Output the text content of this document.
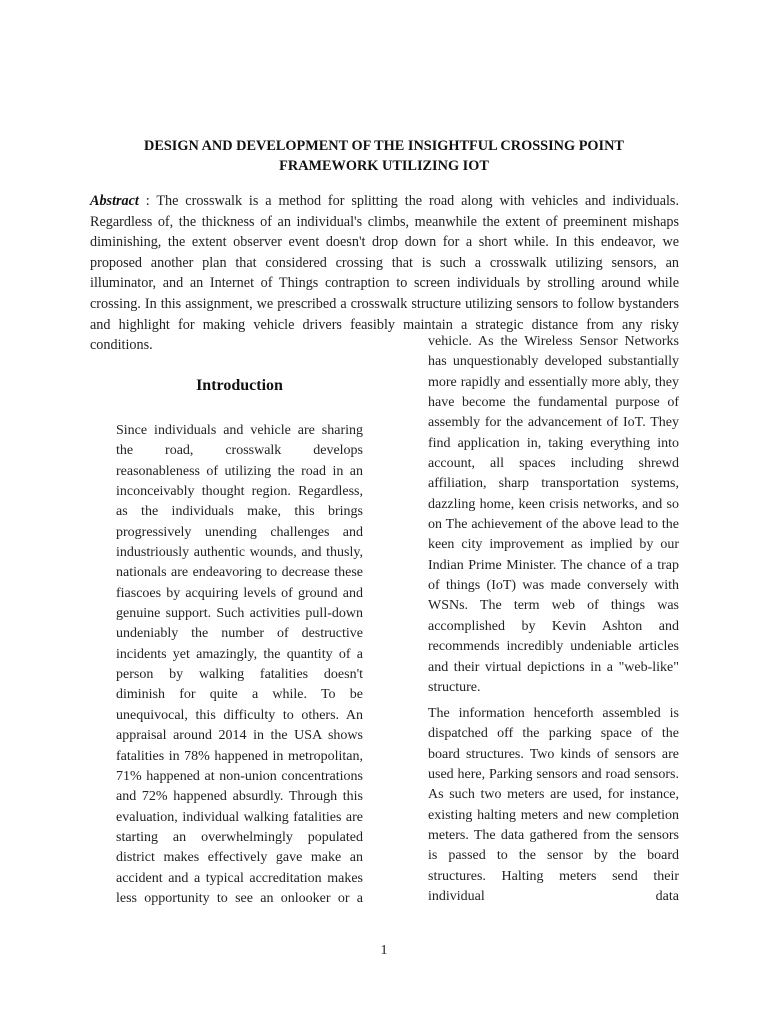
DESIGN AND DEVELOPMENT OF THE INSIGHTFUL CROSSING POINT
FRAMEWORK UTILIZING IOT

Abstract : The crosswalk is a method for splitting the road along with vehicles and individuals. Regardless of, the thickness of an individual's climbs, meanwhile the extent of preeminent mishaps diminishing, the extent observer event doesn't drop down for a short while. In this endeavor, we proposed another plan that considered crossing that is such a crosswalk utilizing sensors, an illuminator, and an Internet of Things contraption to screen individuals by strolling around while crossing. In this assignment, we prescribed a crosswalk structure utilizing sensors to follow bystanders and highlight for making vehicle drivers feasibly maintain a strategic distance from any risky conditions.

Introduction

Since individuals and vehicle are sharing the road, crosswalk develops reasonableness of utilizing the road in an inconceivably thought region. Regardless, as the individuals make, this brings progressively unending challenges and industriously authentic wounds, and thusly, nationals are endeavoring to decrease these fiascoes by acquiring levels of ground and genuine support. Such activities pull-down undeniably the number of destructive incidents yet amazingly, the quantity of a person by walking fatalities doesn't diminish for quite a while. To be unequivocal, this difficulty to others. An appraisal around 2014 in the USA shows fatalities in 78% happened in metropolitan, 71% happened at non-union concentrations and 72% happened absurdly. Through this evaluation, individual walking fatalities are starting an overwhelmingly populated district makes effectively gave make an accident and a typical accreditation makes less opportunity to see an onlooker or a

vehicle. As the Wireless Sensor Networks has unquestionably developed substantially more rapidly and essentially more ably, they have become the fundamental purpose of assembly for the advancement of IoT. They find application in, taking everything into account, all spaces including shrewd affiliation, sharp transportation systems, dazzling home, keen crisis networks, and so on The achievement of the above lead to the keen city improvement as implied by our Indian Prime Minister. The chance of a trap of things (IoT) was made conversely with WSNs. The term web of things was accomplished by Kevin Ashton and recommends incredibly undeniable articles and their virtual depictions in a "web-like" structure.

The information henceforth assembled is dispatched off the parking space of the board structures. Two kinds of sensors are used here, Parking sensors and road sensors. As such two meters are used, for instance, existing halting meters and new completion meters. The data gathered from the sensors is passed to the sensor by the board structures. Halting meters send their individual data

1
